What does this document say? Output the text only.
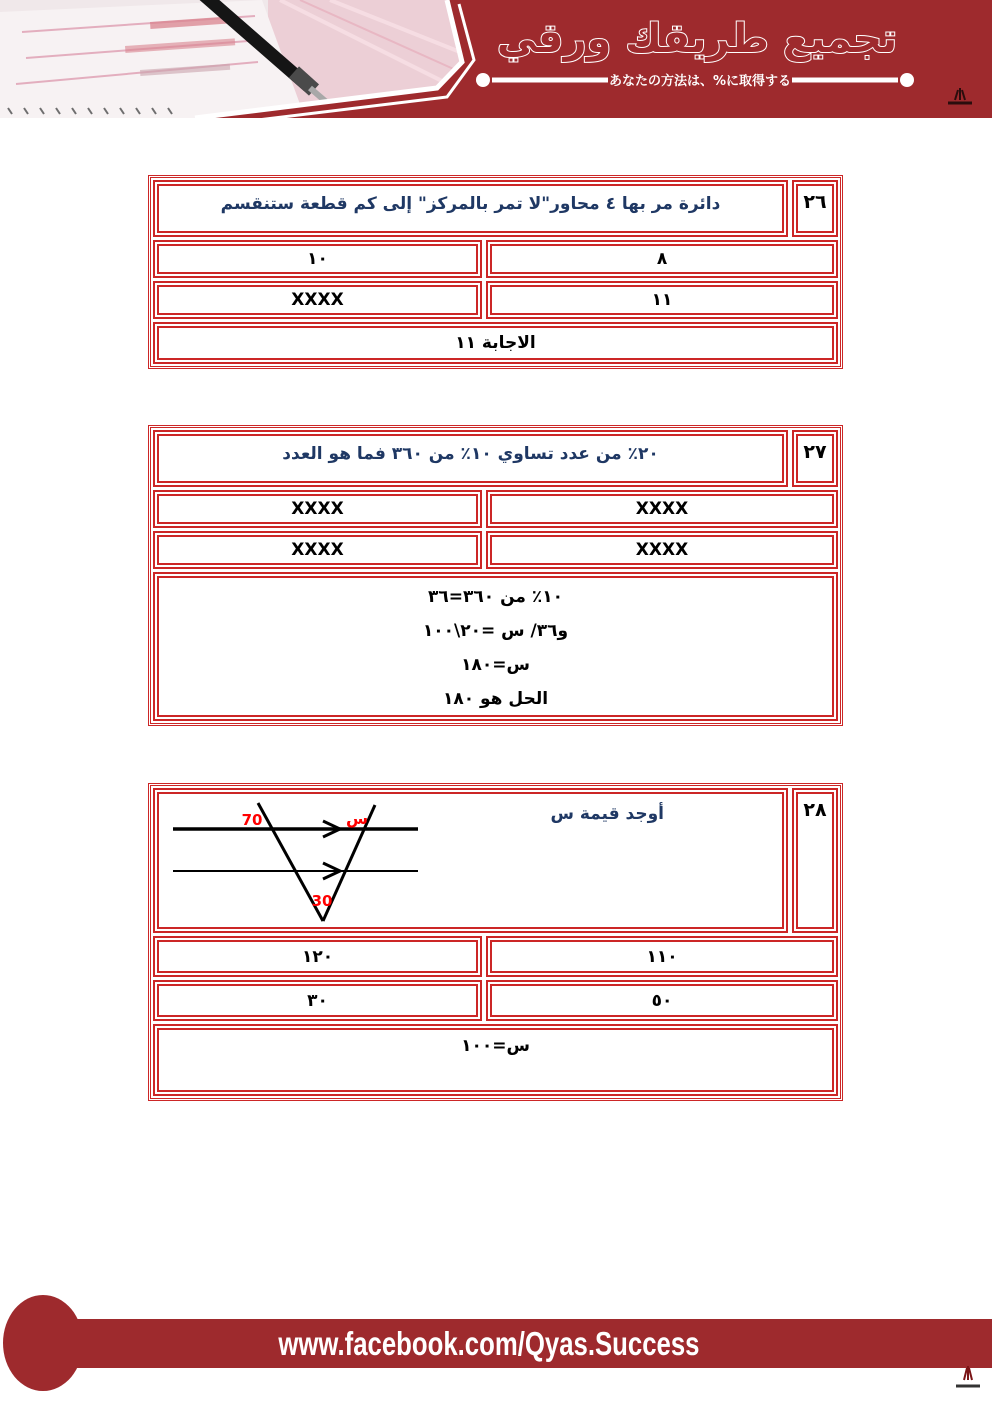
تجميع طريقك ورقي
あなたの方法は、%に取得する
٢٦
دائرة مر بها ٤ محاور"لا تمر بالمركز" إلى كم قطعة ستنقسم
٨
١٠
١١
XXXX
الاجابة ١١
٢٧
٢٠٪ من عدد تساوي ١٠٪ من ٣٦٠ فما هو العدد
XXXX
XXXX
XXXX
XXXX
١٠٪ من ٣٦٠=٣٦
و٣٦/ س =٢٠\١٠٠
س=١٨٠
الحل هو ١٨٠
٢٨
أوجد قيمة س
70	س
30
١١٠
١٢٠
٥٠
٣٠
س=١٠٠
www.facebook.com/Qyas.Success
